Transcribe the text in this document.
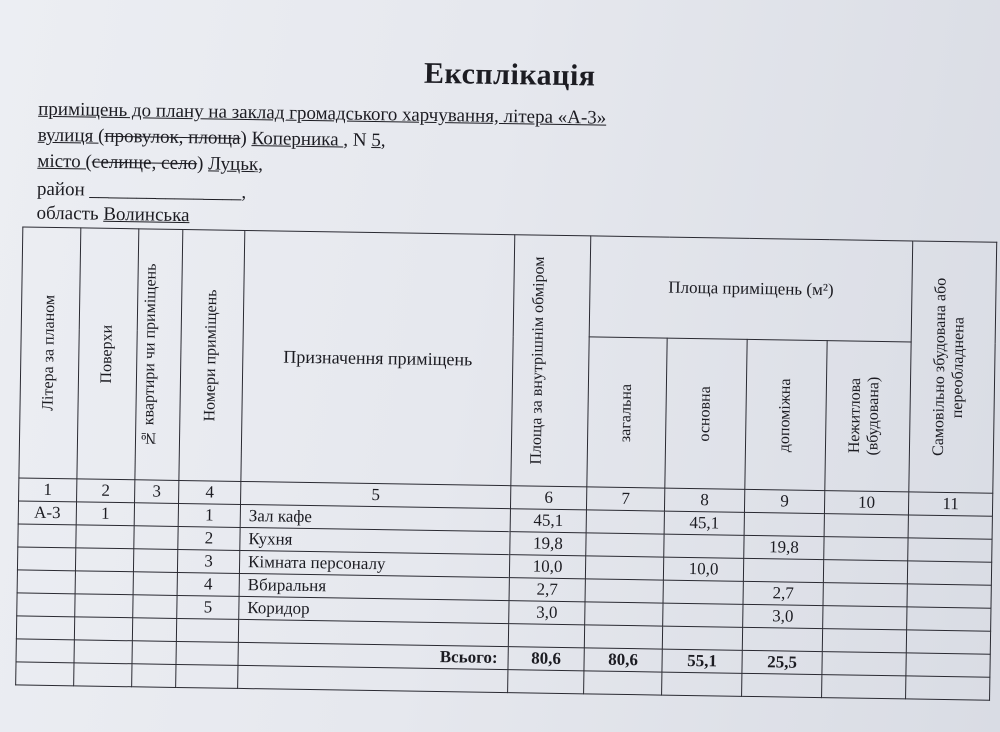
Експлікація
приміщень до плану на заклад громадського харчування, літера «А-3»
вулиця (провулок, площа) Коперника , N 5,
місто (селище, село) Луцьк,
район ________________,
область Волинська
Літера за планом	Поверхи	№ квартири чи приміщень	Номери приміщень	Призначення приміщень	Площа за внутрішнім обміром	Площа приміщень (м²)				Самовільно збудована або переобладнена

						загальна	основна	допоміжна	Нежитлова (вбудована)	

1	2	3	4	5	6	7	8	9	10	11
А-3	1		1	Зал кафе	45,1		45,1			
			2	Кухня	19,8			19,8		
			3	Кімната персоналу	10,0		10,0			
			4	Вбиральня	2,7			2,7		
			5	Коридор	3,0			3,0		

				Всього:	80,6	80,6	55,1	25,5		
